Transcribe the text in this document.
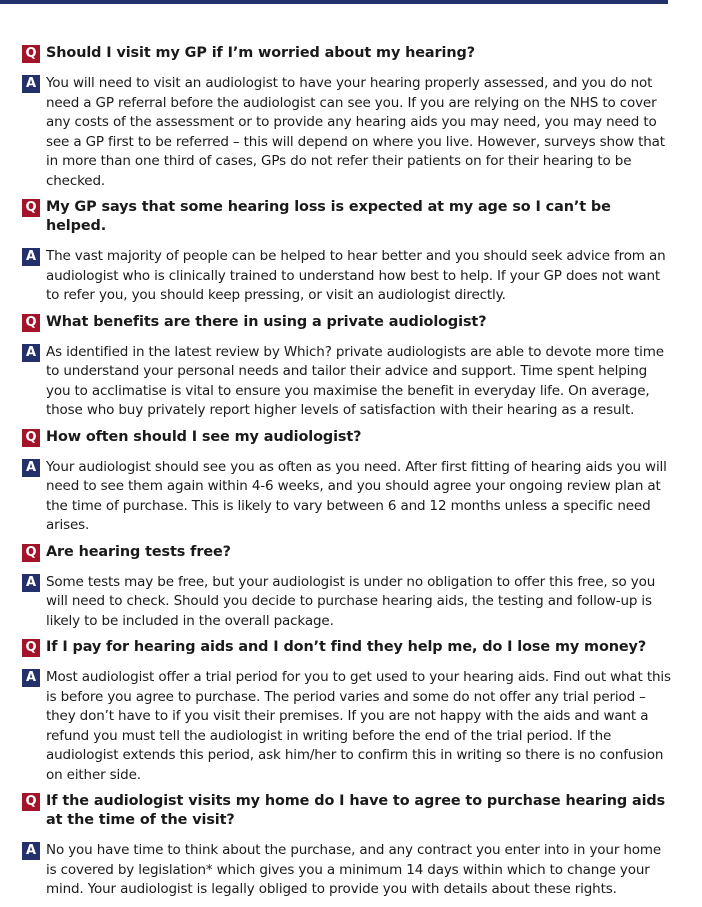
Q Should I visit my GP if I’m worried about my hearing?
A You will need to visit an audiologist to have your hearing properly assessed, and you do not need a GP referral before the audiologist can see you. If you are relying on the NHS to cover any costs of the assessment or to provide any hearing aids you may need, you may need to see a GP first to be referred – this will depend on where you live. However, surveys show that in more than one third of cases, GPs do not refer their patients on for their hearing to be checked.
Q My GP says that some hearing loss is expected at my age so I can’t be helped.
A The vast majority of people can be helped to hear better and you should seek advice from an audiologist who is clinically trained to understand how best to help. If your GP does not want to refer you, you should keep pressing, or visit an audiologist directly.
Q What benefits are there in using a private audiologist?
A As identified in the latest review by Which? private audiologists are able to devote more time to understand your personal needs and tailor their advice and support. Time spent helping you to acclimatise is vital to ensure you maximise the benefit in everyday life. On average, those who buy privately report higher levels of satisfaction with their hearing as a result.
Q How often should I see my audiologist?
A Your audiologist should see you as often as you need. After first fitting of hearing aids you will need to see them again within 4-6 weeks, and you should agree your ongoing review plan at the time of purchase. This is likely to vary between 6 and 12 months unless a specific need arises.
Q Are hearing tests free?
A Some tests may be free, but your audiologist is under no obligation to offer this free, so you will need to check. Should you decide to purchase hearing aids, the testing and follow-up is likely to be included in the overall package.
Q If I pay for hearing aids and I don’t find they help me, do I lose my money?
A Most audiologist offer a trial period for you to get used to your hearing aids. Find out what this is before you agree to purchase. The period varies and some do not offer any trial period – they don’t have to if you visit their premises. If you are not happy with the aids and want a refund you must tell the audiologist in writing before the end of the trial period. If the audiologist extends this period, ask him/her to confirm this in writing so there is no confusion on either side.
Q If the audiologist visits my home do I have to agree to purchase hearing aids at the time of the visit?
A No you have time to think about the purchase, and any contract you enter into in your home is covered by legislation* which gives you a minimum 14 days within which to change your mind. Your audiologist is legally obliged to provide you with details about these rights.
